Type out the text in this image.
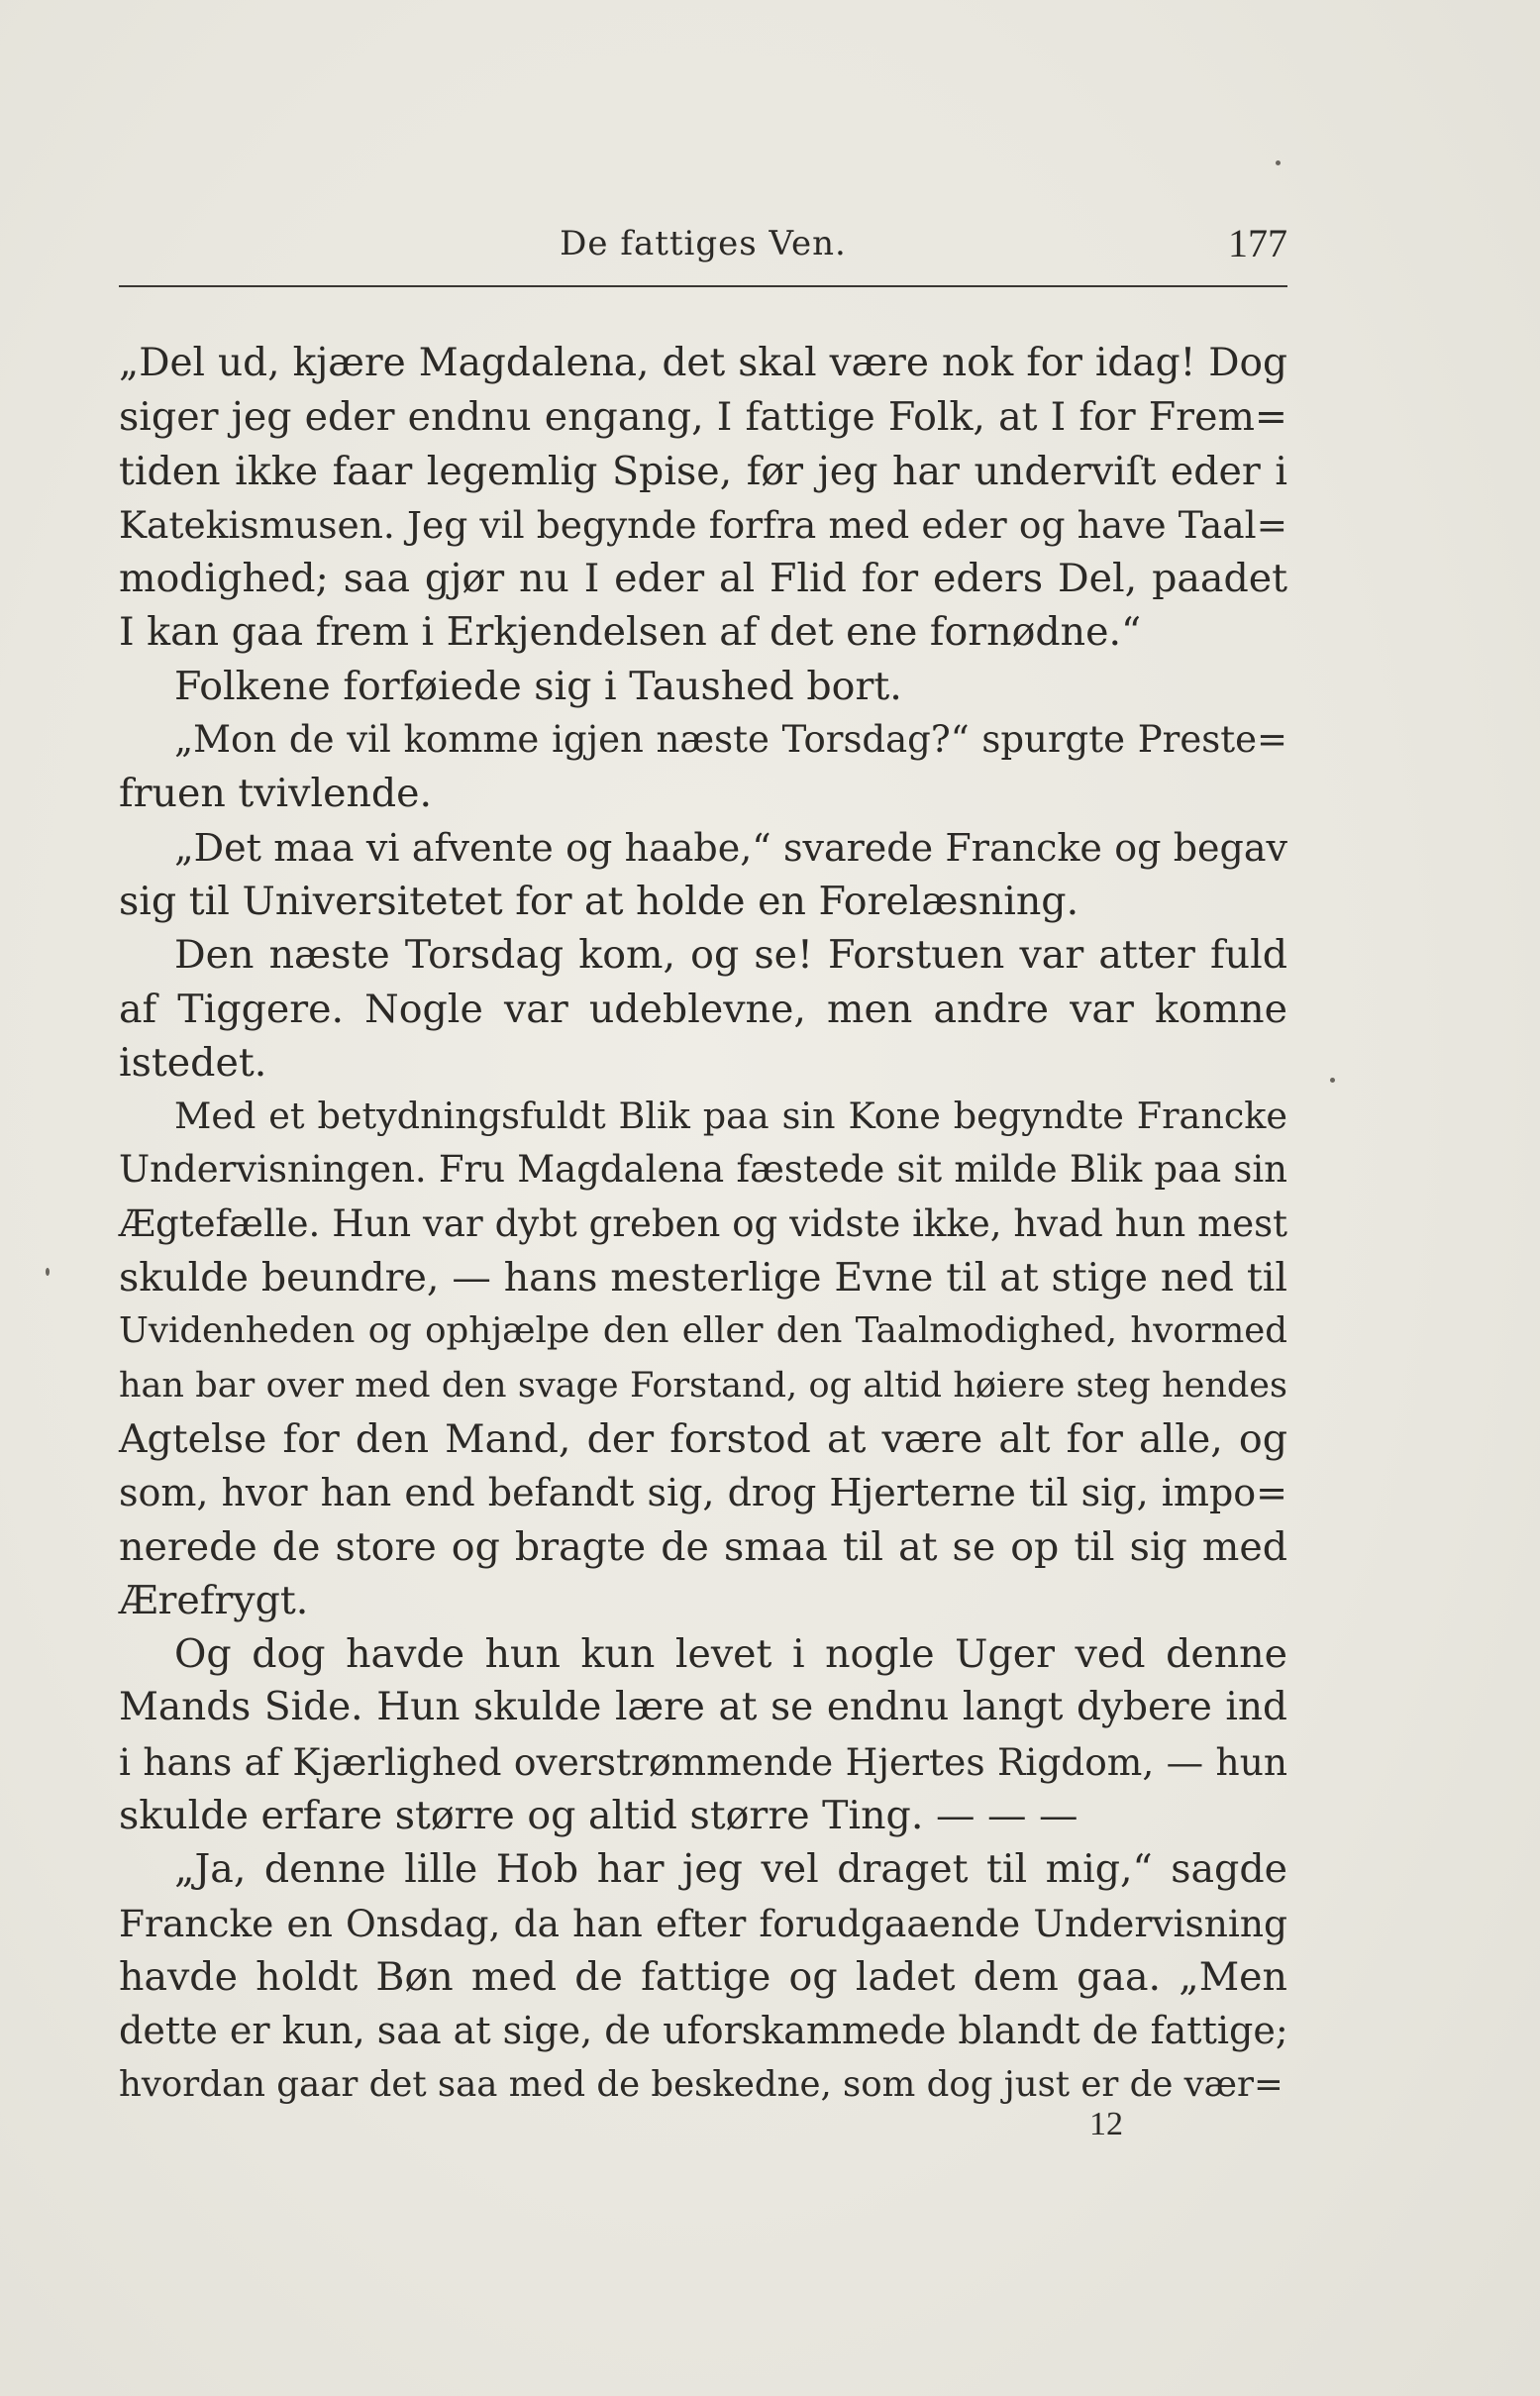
De fattiges Ven.	177

„Del ud, kjære Magdalena, det skal være nok for idag! Dog
siger jeg eder endnu engang, I fattige Folk, at I for Frem=
tiden ikke faar legemlig Spise, før jeg har underviſt eder i
Katekismusen. Jeg vil begynde forfra med eder og have Taal=
modighed; saa gjør nu I eder al Flid for eders Del, paadet
I kan gaa frem i Erkjendelsen af det ene fornødne.“

Folkene forføiede sig i Taushed bort.

„Mon de vil komme igjen næste Torsdag?“ spurgte Preste=
fruen tvivlende.

„Det maa vi afvente og haabe,“ svarede Francke og begav
sig til Universitetet for at holde en Forelæsning.

Den næste Torsdag kom, og se! Forstuen var atter fuld
af Tiggere. Nogle var udeblevne, men andre var komne
istedet.

Med et betydningsfuldt Blik paa sin Kone begyndte Francke
Undervisningen. Fru Magdalena fæstede sit milde Blik paa sin
Ægtefælle. Hun var dybt greben og vidste ikke, hvad hun mest
skulde beundre, — hans mesterlige Evne til at stige ned til
Uvidenheden og ophjælpe den eller den Taalmodighed, hvormed
han bar over med den svage Forstand, og altid høiere steg hendes
Agtelse for den Mand, der forstod at være alt for alle, og
som, hvor han end befandt sig, drog Hjerterne til sig, impo=
nerede de store og bragte de smaa til at se op til sig med
Ærefrygt.

Og dog havde hun kun levet i nogle Uger ved denne
Mands Side. Hun skulde lære at se endnu langt dybere ind
i hans af Kjærlighed overstrømmende Hjertes Rigdom, — hun
skulde erfare større og altid større Ting. — — —

„Ja, denne lille Hob har jeg vel draget til mig,“ sagde
Francke en Onsdag, da han efter forudgaaende Undervisning
havde holdt Bøn med de fattige og ladet dem gaa. „Men
dette er kun, saa at sige, de uforskammede blandt de fattige;
hvordan gaar det saa med de beskedne, som dog just er de vær=

12
